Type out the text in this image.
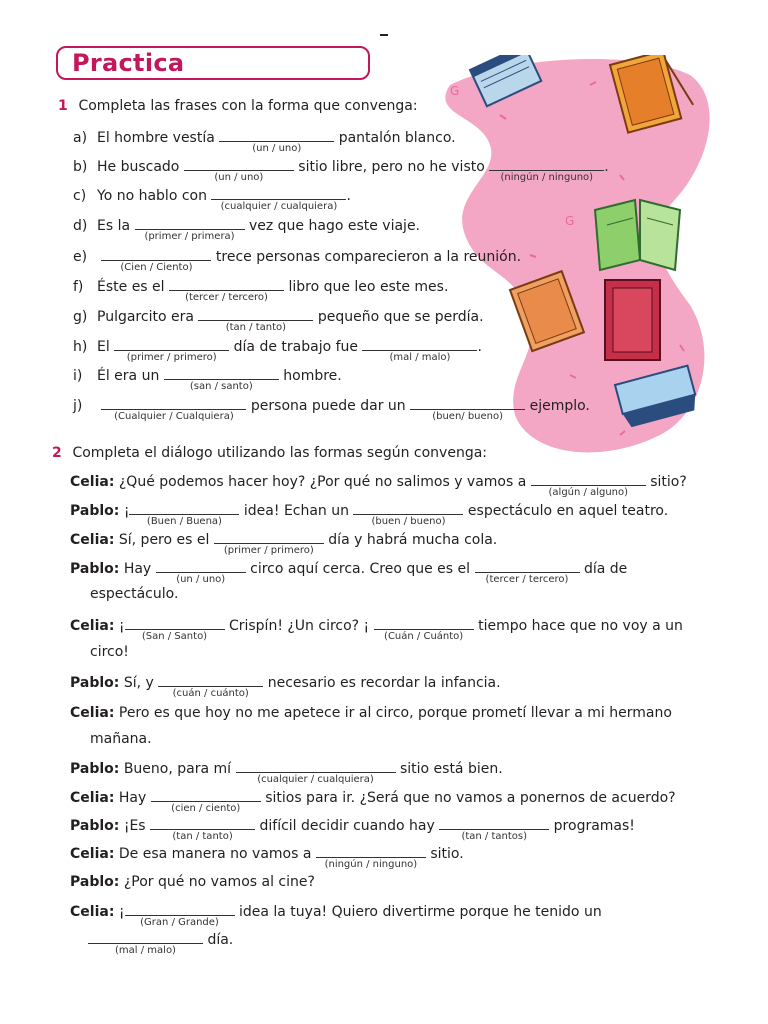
Practica
G
G
1 Completa las frases con la forma que convenga:
a) El hombre vestía
(un / uno)
pantalón blanco.
b) He buscado
(un / uno)
sitio libre, pero no he visto
(ningún / ninguno)
.
c) Yo no hablo con
(cualquier / cualquiera)
.
d) Es la
(primer / primera)
vez que hago este viaje.
e)
(Cien / Ciento)
trece personas comparecieron a la reunión.
f) Éste es el
(tercer / tercero)
libro que leo este mes.
g) Pulgarcito era
(tan / tanto)
pequeño que se perdía.
h) El
(primer / primero)
día de trabajo fue
(mal / malo)
.
i) Él era un
(san / santo)
hombre.
j)
(Cualquier / Cualquiera)
persona puede dar un
(buen/ bueno)
ejemplo.
2 Completa el diálogo utilizando las formas según convenga:
Celia: ¿Qué podemos hacer hoy? ¿Por qué no salimos y vamos a
(algún / alguno)
sitio?
Pablo: ¡
(Buen / Buena)
idea! Echan un
(buen / bueno)
espectáculo en aquel teatro.
Celia: Sí, pero es el
(primer / primero)
día y habrá mucha cola.
Pablo: Hay
(un / uno)
circo aquí cerca. Creo que es el
(tercer / tercero)
día de
espectáculo.
Celia: ¡
(San / Santo)
Crispín! ¿Un circo? ¡
(Cuán / Cuánto)
tiempo hace que no voy a un
circo!
Pablo: Sí, y
(cuán / cuánto)
necesario es recordar la infancia.
Celia: Pero es que hoy no me apetece ir al circo, porque prometí llevar a mi hermano
mañana.
Pablo: Bueno, para mí
(cualquier / cualquiera)
sitio está bien.
Celia: Hay
(cien / ciento)
sitios para ir. ¿Será que no vamos a ponernos de acuerdo?
Pablo: ¡Es
(tan / tanto)
difícil decidir cuando hay
(tan / tantos)
programas!
Celia: De esa manera no vamos a
(ningún / ninguno)
sitio.
Pablo: ¿Por qué no vamos al cine?
Celia: ¡
(Gran / Grande)
idea la tuya! Quiero divertirme porque he tenido un
(mal / malo)
día.
